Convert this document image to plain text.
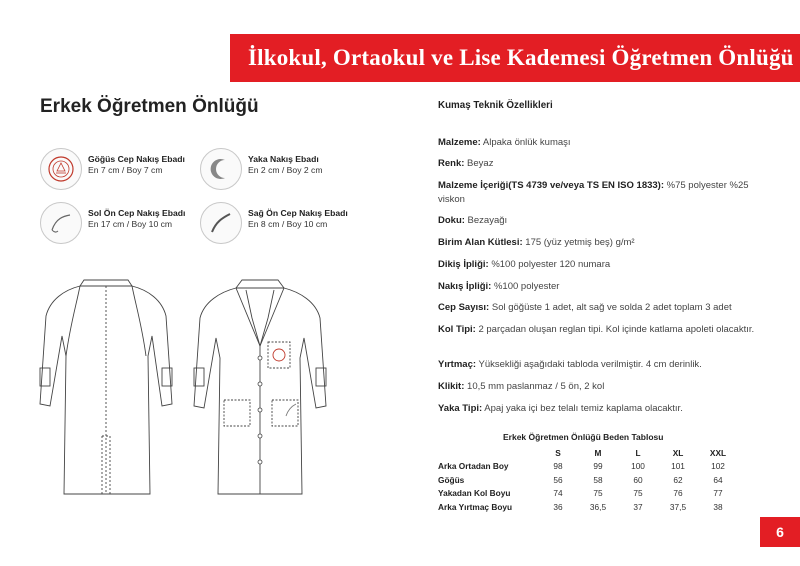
İlkokul, Ortaokul ve Lise Kademesi Öğretmen Önlüğü
Erkek Öğretmen Önlüğü
Göğüs Cep Nakış Ebadı
En 7 cm / Boy 7 cm
Yaka Nakış Ebadı
En 2 cm / Boy 2 cm
Sol Ön Cep Nakış Ebadı
En 17 cm / Boy 10 cm
Sağ Ön Cep Nakış Ebadı
En 8 cm / Boy 10 cm
Kumaş Teknik Özellikleri
Malzeme: Alpaka önlük kumaşı
Renk: Beyaz
Malzeme İçeriği(TS 4739 ve/veya TS EN ISO 1833): %75 polyester %25 viskon
Doku: Bezayağı
Birim Alan Kütlesi: 175 (yüz yetmiş beş) g/m²
Dikiş İpliği: %100 polyester 120 numara
Nakış İpliği: %100 polyester
Cep Sayısı: Sol göğüste 1 adet, alt sağ ve solda 2 adet toplam 3 adet
Kol Tipi: 2 parçadan oluşan reglan tipi. Kol içinde katlama apoleti olacaktır.
Yırtmaç: Yüksekliği aşağıdaki tabloda verilmiştir. 4 cm derinlik.
Klikit: 10,5 mm paslanmaz / 5 ön, 2 kol
Yaka Tipi: Apaj yaka içi bez telalı temiz kaplama olacaktır.
Erkek Öğretmen Önlüğü Beden Tablosu
	S	M	L	XL	XXL
Arka Ortadan Boy	98	99	100	101	102
Göğüs	56	58	60	62	64
Yakadan Kol Boyu	74	75	75	76	77
Arka Yırtmaç Boyu	36	36,5	37	37,5	38
6
